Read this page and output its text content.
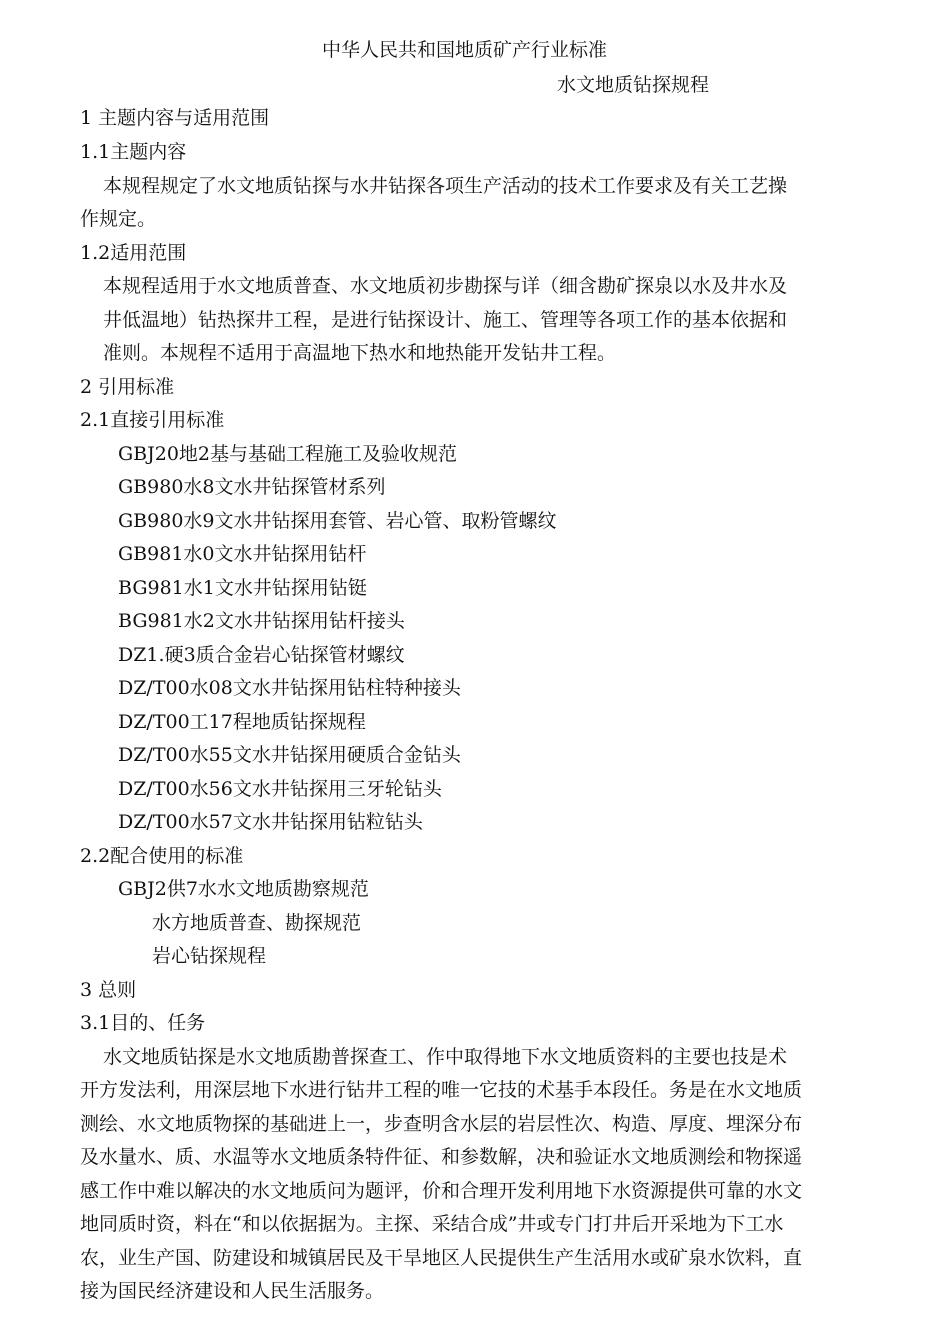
中华人民共和国地质矿产行业标准
水文地质钻探规程
1 主题内容与适用范围
1.1主题内容
本规程规定了水文地质钻探与水井钻探各项生产活动的技术工作要求及有关工艺操
作规定。
1.2适用范围
本规程适用于水文地质普查、水文地质初步勘探与详（细含勘矿探泉以水及井水及
井低温地）钻热探井工程，是进行钻探设计、施工、管理等各项工作的基本依据和
准则。本规程不适用于高温地下热水和地热能开发钻井工程。
2 引用标准
2.1直接引用标准
GBJ20地2基与基础工程施工及验收规范
GB980水8文水井钻探管材系列
GB980水9文水井钻探用套管、岩心管、取粉管螺纹
GB981水0文水井钻探用钻杆
BG981水1文水井钻探用钻铤
BG981水2文水井钻探用钻杆接头
DZ1.硬3质合金岩心钻探管材螺纹
DZ/T00水08文水井钻探用钻柱特种接头
DZ/T00工17程地质钻探规程
DZ/T00水55文水井钻探用硬质合金钻头
DZ/T00水56文水井钻探用三牙轮钻头
DZ/T00水57文水井钻探用钻粒钻头
2.2配合使用的标准
GBJ2供7水水文地质勘察规范
水方地质普查、勘探规范
岩心钻探规程
3 总则
3.1目的、任务
水文地质钻探是水文地质勘普探查工、作中取得地下水文地质资料的主要也技是术
开方发法利，用深层地下水进行钻井工程的唯一它技的术基手本段任。务是在水文地质
测绘、水文地质物探的基础进上一，步查明含水层的岩层性次、构造、厚度、埋深分布
及水量水、质、水温等水文地质条特件征、和参数解，决和验证水文地质测绘和物探遥
感工作中难以解决的水文地质问为题评，价和合理开发利用地下水资源提供可靠的水文
地同质时资，料在“和以依据据为。主探、采结合成”井或专门打井后开采地为下工水
农，业生产国、防建设和城镇居民及干旱地区人民提供生产生活用水或矿泉水饮料，直
接为国民经济建设和人民生活服务。
